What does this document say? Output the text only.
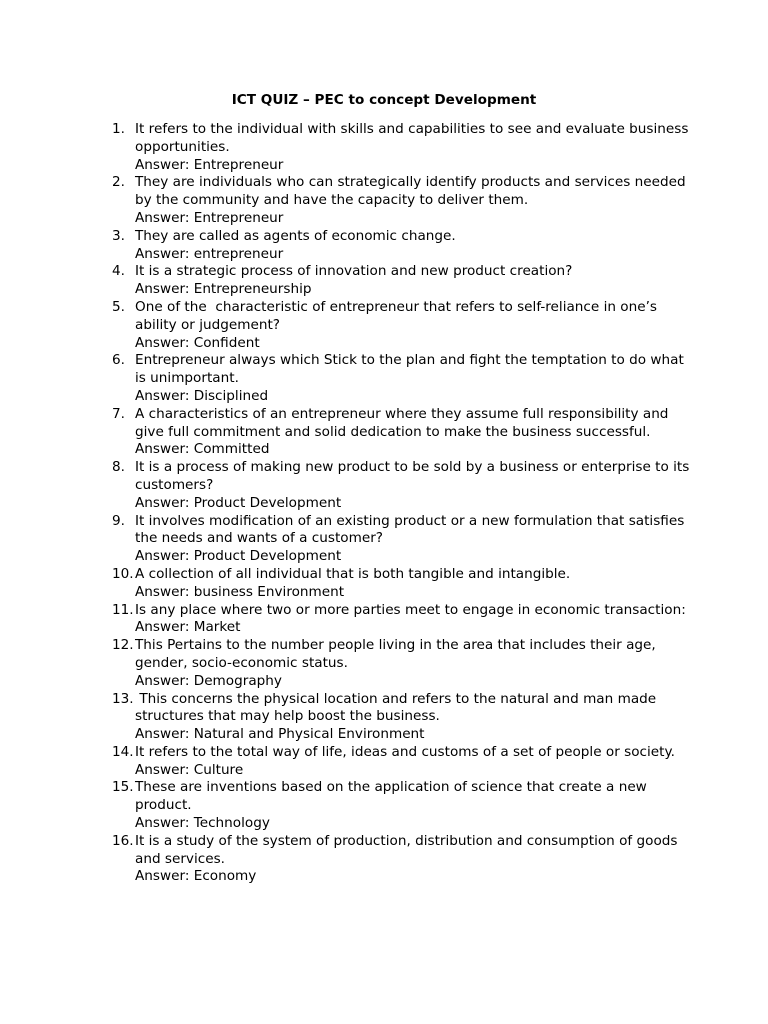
ICT QUIZ – PEC to concept Development
1. It refers to the individual with skills and capabilities to see and evaluate business opportunities.
Answer: Entrepreneur
2. They are individuals who can strategically identify products and services needed by the community and have the capacity to deliver them.
Answer: Entrepreneur
3. They are called as agents of economic change.
Answer: entrepreneur
4. It is a strategic process of innovation and new product creation?
Answer: Entrepreneurship
5. One of the  characteristic of entrepreneur that refers to self-reliance in one’s ability or judgement?
Answer: Confident
6. Entrepreneur always which Stick to the plan and fight the temptation to do what is unimportant.
Answer: Disciplined
7. A characteristics of an entrepreneur where they assume full responsibility and give full commitment and solid dedication to make the business successful.
Answer: Committed
8. It is a process of making new product to be sold by a business or enterprise to its customers?
Answer: Product Development
9. It involves modification of an existing product or a new formulation that satisfies the needs and wants of a customer?
Answer: Product Development
10. A collection of all individual that is both tangible and intangible.
Answer: business Environment
11. Is any place where two or more parties meet to engage in economic transaction:
Answer: Market
12. This Pertains to the number people living in the area that includes their age, gender, socio-economic status.
Answer: Demography
13. This concerns the physical location and refers to the natural and man made structures that may help boost the business.
Answer: Natural and Physical Environment
14. It refers to the total way of life, ideas and customs of a set of people or society.
Answer: Culture
15. These are inventions based on the application of science that create a new product.
Answer: Technology
16. It is a study of the system of production, distribution and consumption of goods and services.
Answer: Economy
